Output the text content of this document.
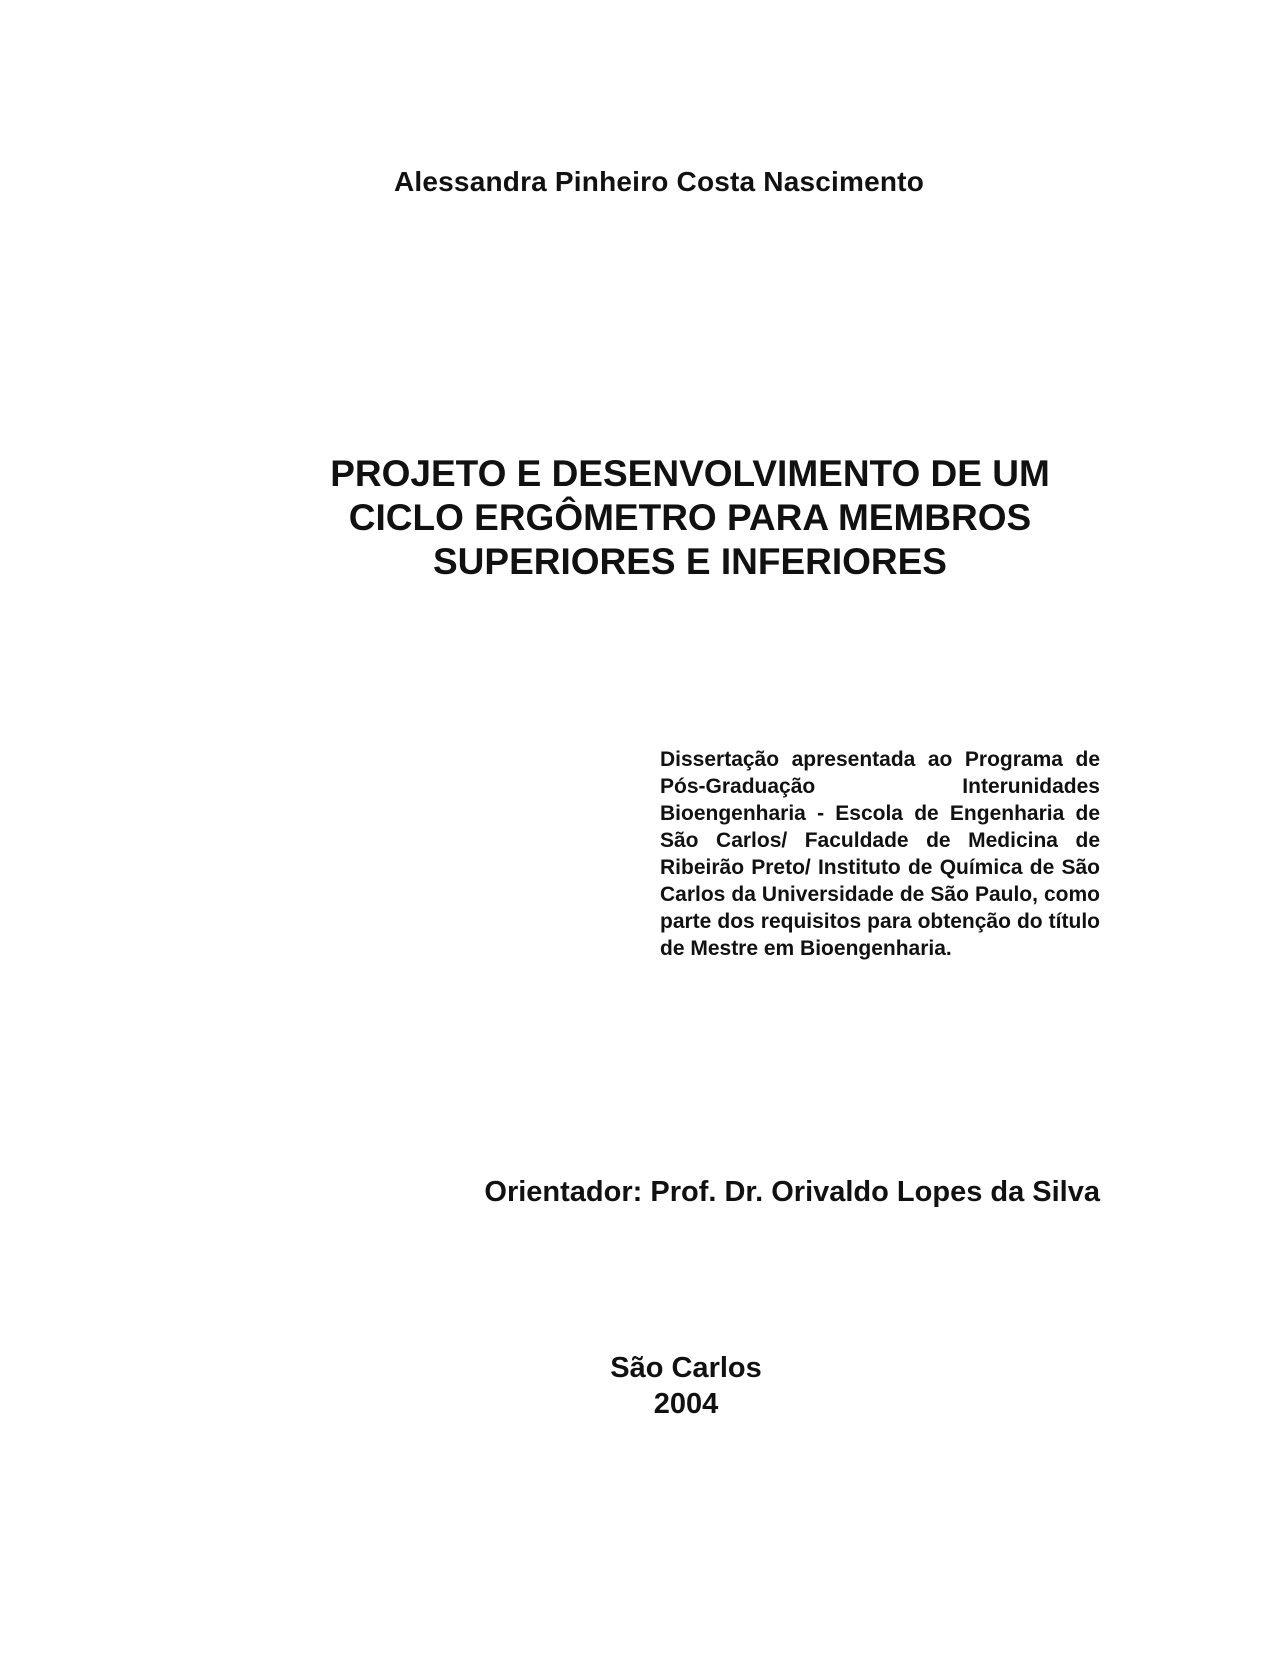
Alessandra Pinheiro Costa Nascimento
PROJETO E DESENVOLVIMENTO DE UM
CICLO ERGÔMETRO PARA MEMBROS
SUPERIORES E INFERIORES
Dissertação apresentada ao Programa de Pós-Graduação Interunidades Bioengenharia - Escola de Engenharia de São Carlos/ Faculdade de Medicina de Ribeirão Preto/ Instituto de Química de São Carlos da Universidade de São Paulo, como parte dos requisitos para obtenção do título de Mestre em Bioengenharia.
Orientador: Prof. Dr. Orivaldo Lopes da Silva
São Carlos
2004
